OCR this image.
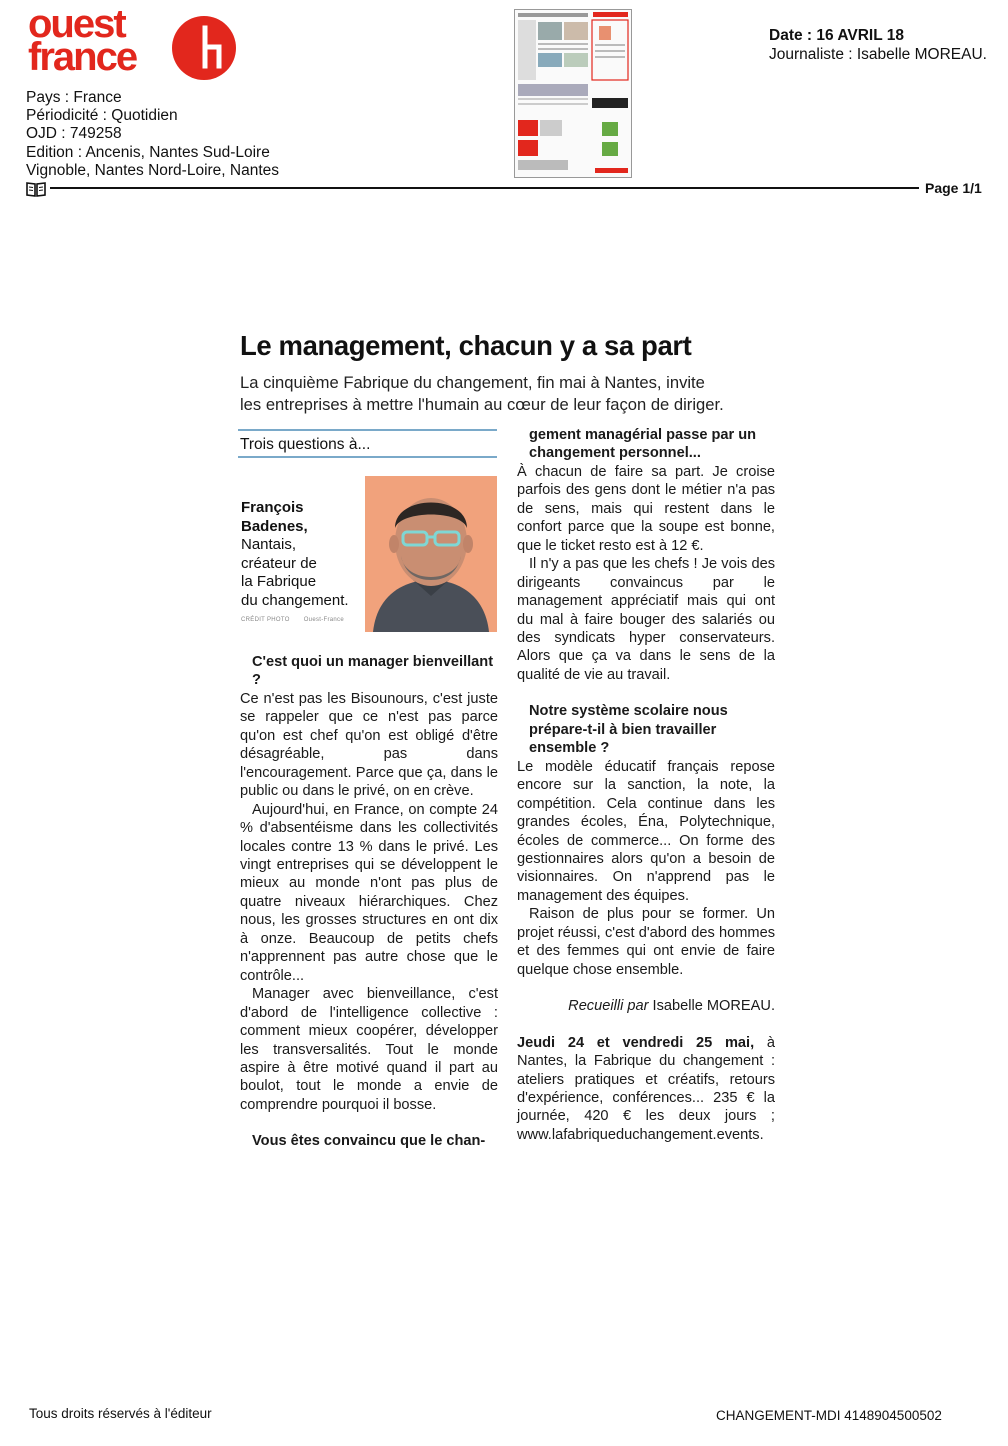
ouest
france
Pays : France
Périodicité : Quotidien
OJD : 749258
Edition : Ancenis, Nantes Sud-Loire
Vignoble, Nantes Nord-Loire, Nantes
Date : 16 AVRIL 18
Journaliste : Isabelle MOREAU.
Page 1/1
Le management, chacun y a sa part
La cinquième Fabrique du changement, fin mai à Nantes, invite
les entreprises à mettre l'humain au cœur de leur façon de diriger.
Trois questions à...
François
Badenes,
Nantais,
créateur de
la Fabrique
du changement.
CRÉDIT PHOTO Ouest-France

C'est quoi un manager bienveillant ?

Ce n'est pas les Bisounours, c'est juste se rappeler que ce n'est pas parce qu'on est chef qu'on est obligé d'être désagréable, pas dans l'encouragement. Parce que ça, dans le public ou dans le privé, on en crève.

Aujourd'hui, en France, on compte 24 % d'absentéisme dans les collectivités locales contre 13 % dans le privé. Les vingt entreprises qui se développent le mieux au monde n'ont pas plus de quatre niveaux hiérarchiques. Chez nous, les grosses structures en ont dix à onze. Beaucoup de petits chefs n'apprennent pas autre chose que le contrôle...

Manager avec bienveillance, c'est d'abord de l'intelligence collective : comment mieux coopérer, développer les transversalités. Tout le monde aspire à être motivé quand il part au boulot, tout le monde a envie de comprendre pourquoi il bosse.

Vous êtes convaincu que le chan-

gement managérial passe par un changement personnel...

À chacun de faire sa part. Je croise parfois des gens dont le métier n'a pas de sens, mais qui restent dans le confort parce que la soupe est bonne, que le ticket resto est à 12 €.

Il n'y a pas que les chefs ! Je vois des dirigeants convaincus par le management appréciatif mais qui ont du mal à faire bouger des salariés ou des syndicats hyper conservateurs. Alors que ça va dans le sens de la qualité de vie au travail.

Notre système scolaire nous prépare-t-il à bien travailler ensemble ?

Le modèle éducatif français repose encore sur la sanction, la note, la compétition. Cela continue dans les grandes écoles, Éna, Polytechnique, écoles de commerce... On forme des gestionnaires alors qu'on a besoin de visionnaires. On n'apprend pas le management des équipes.

Raison de plus pour se former. Un projet réussi, c'est d'abord des hommes et des femmes qui ont envie de faire quelque chose ensemble.

Recueilli par Isabelle MOREAU.

Jeudi 24 et vendredi 25 mai, à Nantes, la Fabrique du changement : ateliers pratiques et créatifs, retours d'expérience, conférences... 235 € la journée, 420 € les deux jours ; www.lafabriqueduchangement.events.

Tous droits réservés à l'éditeur	CHANGEMENT-MDI 4148904500502
